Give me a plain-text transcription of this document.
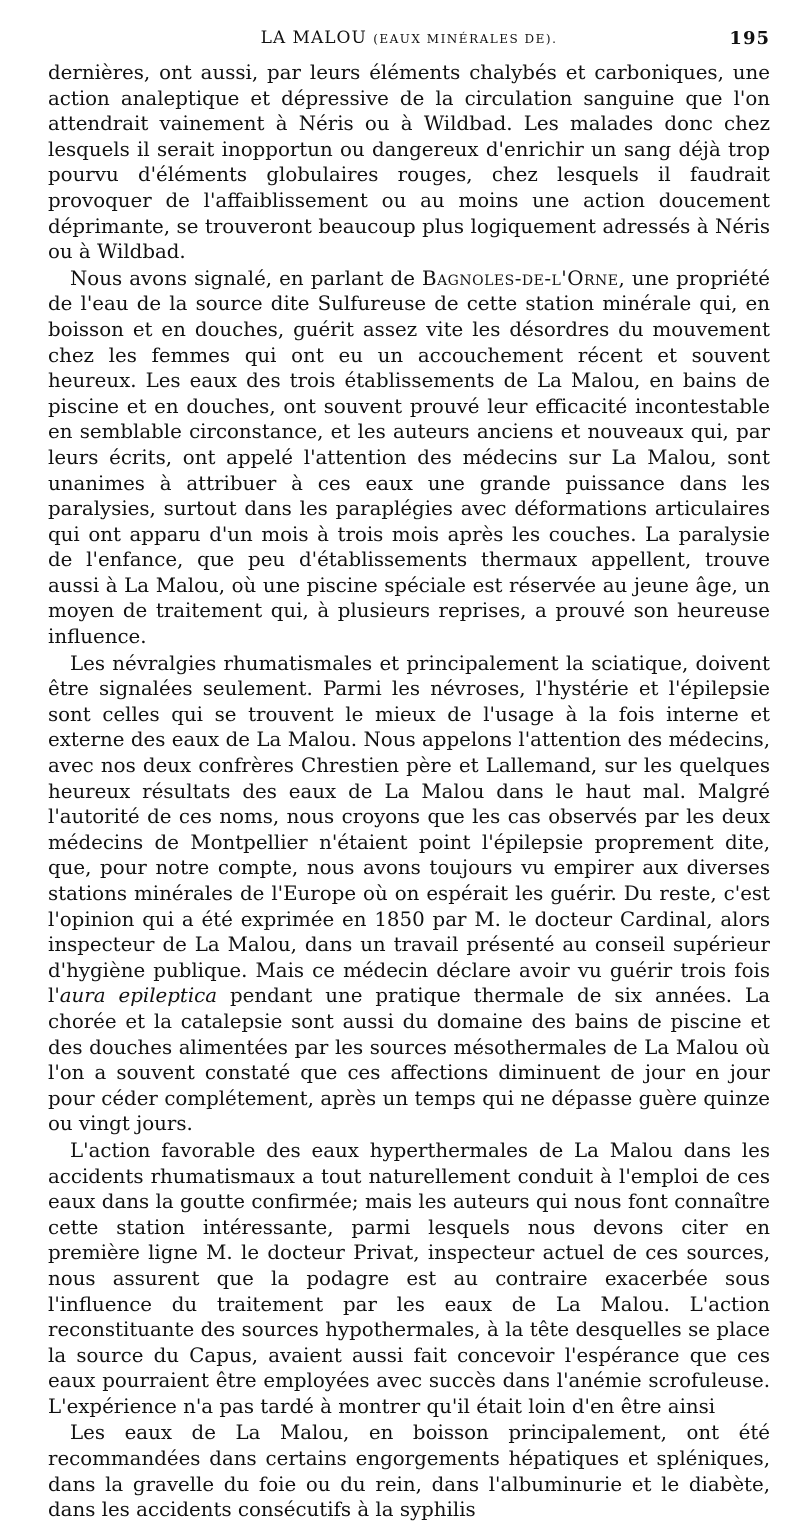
LA MALOU (EAUX MINÉRALES DE).	195

dernières, ont aussi, par leurs éléments chalybés et carboniques, une action analeptique et dépressive de la circulation sanguine que l'on attendrait vainement à Néris ou à Wildbad. Les malades donc chez lesquels il serait inopportun ou dangereux d'enrichir un sang déjà trop pourvu d'éléments globulaires rouges, chez lesquels il faudrait provoquer de l'affaiblissement ou au moins une action doucement déprimante, se trouveront beaucoup plus logiquement adressés à Néris ou à Wildbad.

Nous avons signalé, en parlant de Bagnoles-de-l'Orne, une propriété de l'eau de la source dite Sulfureuse de cette station minérale qui, en boisson et en douches, guérit assez vite les désordres du mouvement chez les femmes qui ont eu un accouchement récent et souvent heureux. Les eaux des trois établissements de La Malou, en bains de piscine et en douches, ont souvent prouvé leur efficacité incontestable en semblable circonstance, et les auteurs anciens et nouveaux qui, par leurs écrits, ont appelé l'attention des médecins sur La Malou, sont unanimes à attribuer à ces eaux une grande puissance dans les paralysies, surtout dans les paraplégies avec déformations articulaires qui ont apparu d'un mois à trois mois après les couches. La paralysie de l'enfance, que peu d'établissements thermaux appellent, trouve aussi à La Malou, où une piscine spéciale est réservée au jeune âge, un moyen de traitement qui, à plusieurs reprises, a prouvé son heureuse influence.

Les névralgies rhumatismales et principalement la sciatique, doivent être signalées seulement. Parmi les névroses, l'hystérie et l'épilepsie sont celles qui se trouvent le mieux de l'usage à la fois interne et externe des eaux de La Malou. Nous appelons l'attention des médecins, avec nos deux confrères Chrestien père et Lallemand, sur les quelques heureux résultats des eaux de La Malou dans le haut mal. Malgré l'autorité de ces noms, nous croyons que les cas observés par les deux médecins de Montpellier n'étaient point l'épilepsie proprement dite, que, pour notre compte, nous avons toujours vu empirer aux diverses stations minérales de l'Europe où on espérait les guérir. Du reste, c'est l'opinion qui a été exprimée en 1850 par M. le docteur Cardinal, alors inspecteur de La Malou, dans un travail présenté au conseil supérieur d'hygiène publique. Mais ce médecin déclare avoir vu guérir trois fois l'aura epileptica pendant une pratique thermale de six années. La chorée et la catalepsie sont aussi du domaine des bains de piscine et des douches alimentées par les sources mésothermales de La Malou où l'on a souvent constaté que ces affections diminuent de jour en jour pour céder complétement, après un temps qui ne dépasse guère quinze ou vingt jours.

L'action favorable des eaux hyperthermales de La Malou dans les accidents rhumatismaux a tout naturellement conduit à l'emploi de ces eaux dans la goutte confirmée; mais les auteurs qui nous font connaître cette station intéressante, parmi lesquels nous devons citer en première ligne M. le docteur Privat, inspecteur actuel de ces sources, nous assurent que la podagre est au contraire exacerbée sous l'influence du traitement par les eaux de La Malou. L'action reconstituante des sources hypothermales, à la tête desquelles se place la source du Capus, avaient aussi fait concevoir l'espérance que ces eaux pourraient être employées avec succès dans l'anémie scrofuleuse. L'expérience n'a pas tardé à montrer qu'il était loin d'en être ainsi

Les eaux de La Malou, en boisson principalement, ont été recommandées dans certains engorgements hépatiques et spléniques, dans la gravelle du foie ou du rein, dans l'albuminurie et le diabète, dans les accidents consécutifs à la syphilis
